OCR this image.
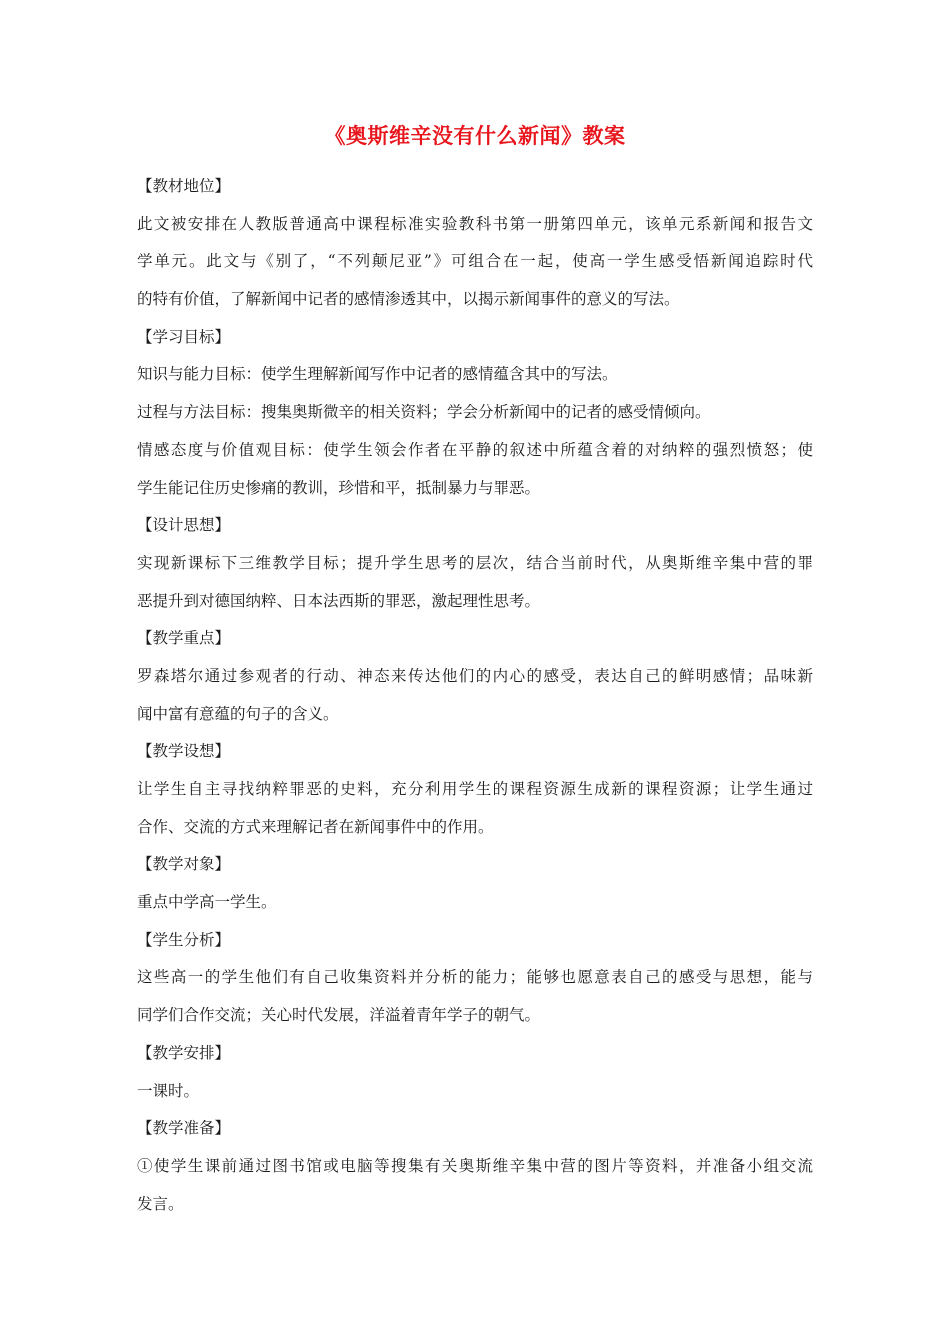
《奥斯维辛没有什么新闻》教案
【教材地位】
此文被安排在人教版普通高中课程标准实验教科书第一册第四单元，该单元系新闻和报告文
学单元。此文与《别了，“不列颠尼亚”》可组合在一起，使高一学生感受悟新闻追踪时代
的特有价值，了解新闻中记者的感情渗透其中，以揭示新闻事件的意义的写法。
【学习目标】
知识与能力目标：使学生理解新闻写作中记者的感情蕴含其中的写法。
过程与方法目标：搜集奥斯微辛的相关资料；学会分析新闻中的记者的感受情倾向。
情感态度与价值观目标：使学生领会作者在平静的叙述中所蕴含着的对纳粹的强烈愤怒；使
学生能记住历史惨痛的教训，珍惜和平，抵制暴力与罪恶。
【设计思想】
实现新课标下三维教学目标；提升学生思考的层次，结合当前时代，从奥斯维辛集中营的罪
恶提升到对德国纳粹、日本法西斯的罪恶，激起理性思考。
【教学重点】
罗森塔尔通过参观者的行动、神态来传达他们的内心的感受，表达自己的鲜明感情；品味新
闻中富有意蕴的句子的含义。
【教学设想】
让学生自主寻找纳粹罪恶的史料，充分利用学生的课程资源生成新的课程资源；让学生通过
合作、交流的方式来理解记者在新闻事件中的作用。
【教学对象】
重点中学高一学生。
【学生分析】
这些高一的学生他们有自己收集资料并分析的能力；能够也愿意表自己的感受与思想，能与
同学们合作交流；关心时代发展，洋溢着青年学子的朝气。
【教学安排】
一课时。
【教学准备】
①使学生课前通过图书馆或电脑等搜集有关奥斯维辛集中营的图片等资料，并准备小组交流
发言。
